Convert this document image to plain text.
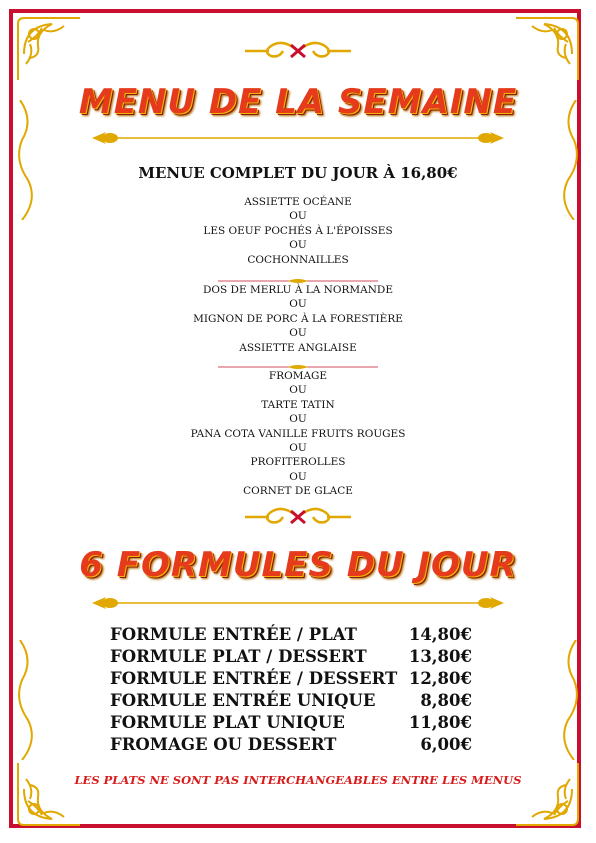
MENU DE LA SEMAINE
MENUE COMPLET DU JOUR À 16,80€
ASSIETTE OCÉANE
OU
LES OEUF POCHÉS À L'ÉPOISSES
OU
COCHONNAILLES
DOS DE MERLU À LA NORMANDE
OU
MIGNON DE PORC À LA FORESTIÈRE
OU
ASSIETTE ANGLAISE
FROMAGE
OU
TARTE TATIN
OU
PANA COTA VANILLE FRUITS ROUGES
OU
PROFITEROLLES
OU
CORNET DE GLACE
6 FORMULES DU JOUR
FORMULE ENTRÉE / PLAT	14,80€
FORMULE PLAT / DESSERT	13,80€
FORMULE ENTRÉE / DESSERT 12,80€
FORMULE ENTRÉE UNIQUE	8,80€
FORMULE PLAT UNIQUE	11,80€
FROMAGE OU DESSERT	6,00€
LES PLATS NE SONT PAS INTERCHANGEABLES ENTRE LES MENUS
